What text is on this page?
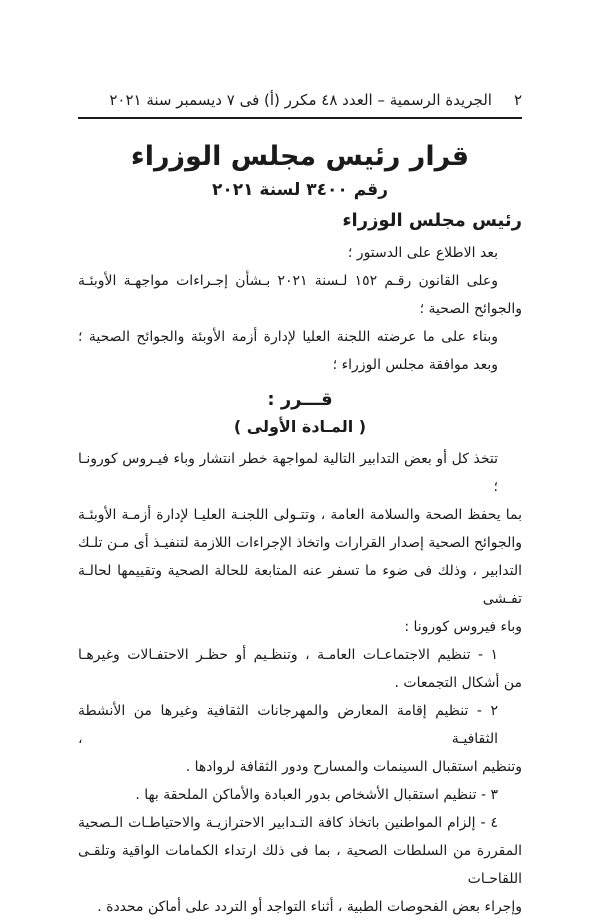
٢
الجريدة الرسمية – العدد ٤٨ مكرر (أ) فى ٧ ديسمبر سنة ٢٠٢١
قرار رئيس مجلس الوزراء
رقم ٣٤٠٠ لسنة ٢٠٢١
رئيس مجلس الوزراء
بعد الاطلاع على الدستور ؛
وعلى القانون رقـم ١٥٢ لـسنة ٢٠٢١ بـشأن إجـراءات مواجهـة الأوبئـة
والجوائح الصحية ؛
وبناء على ما عرضته اللجنة العليا لإدارة أزمة الأوبئة والجوائح الصحية ؛
وبعد موافقة مجلس الوزراء ؛
قـــرر :
( المـادة الأولى )
تتخذ كل أو بعض التدابير التالية لمواجهة خطر انتشار وباء فيـروس كورونـا ؛
بما يحفظ الصحة والسلامة العامة ، وتتـولى اللجنـة العليـا لإدارة أزمـة الأوبئـة
والجوائح الصحية إصدار القرارات واتخاذ الإجراءات اللازمة لتنفيـذ أى مـن تلـك
التدابير ، وذلك فى ضوء ما تسفر عنه المتابعة للحالة الصحية وتقييمها لحالـة تفـشى
وباء فيروس كورونا :
١ - تنظيم الاجتماعـات العامـة ، وتنظـيم أو حظـر الاحتفـالات وغيرهـا
من أشكال التجمعات .
٢ - تنظيم إقامة المعارض والمهرجانات الثقافية وغيرها من الأنشطة الثقافيـة ،
وتنظيم استقبال السينمات والمسارح ودور الثقافة لروادها .
٣ - تنظيم استقبال الأشخاص بدور العبادة والأماكن الملحقة بها .
٤ - إلزام المواطنين باتخاذ كافة التـدابير الاحترازيـة والاحتياطـات الـصحية
المقررة من السلطات الصحية ، بما فى ذلك ارتداء الكمامات الواقية وتلقـى اللقاحـات
وإجراء بعض الفحوصات الطبية ، أثناء التواجد أو التردد على أماكن محددة .
